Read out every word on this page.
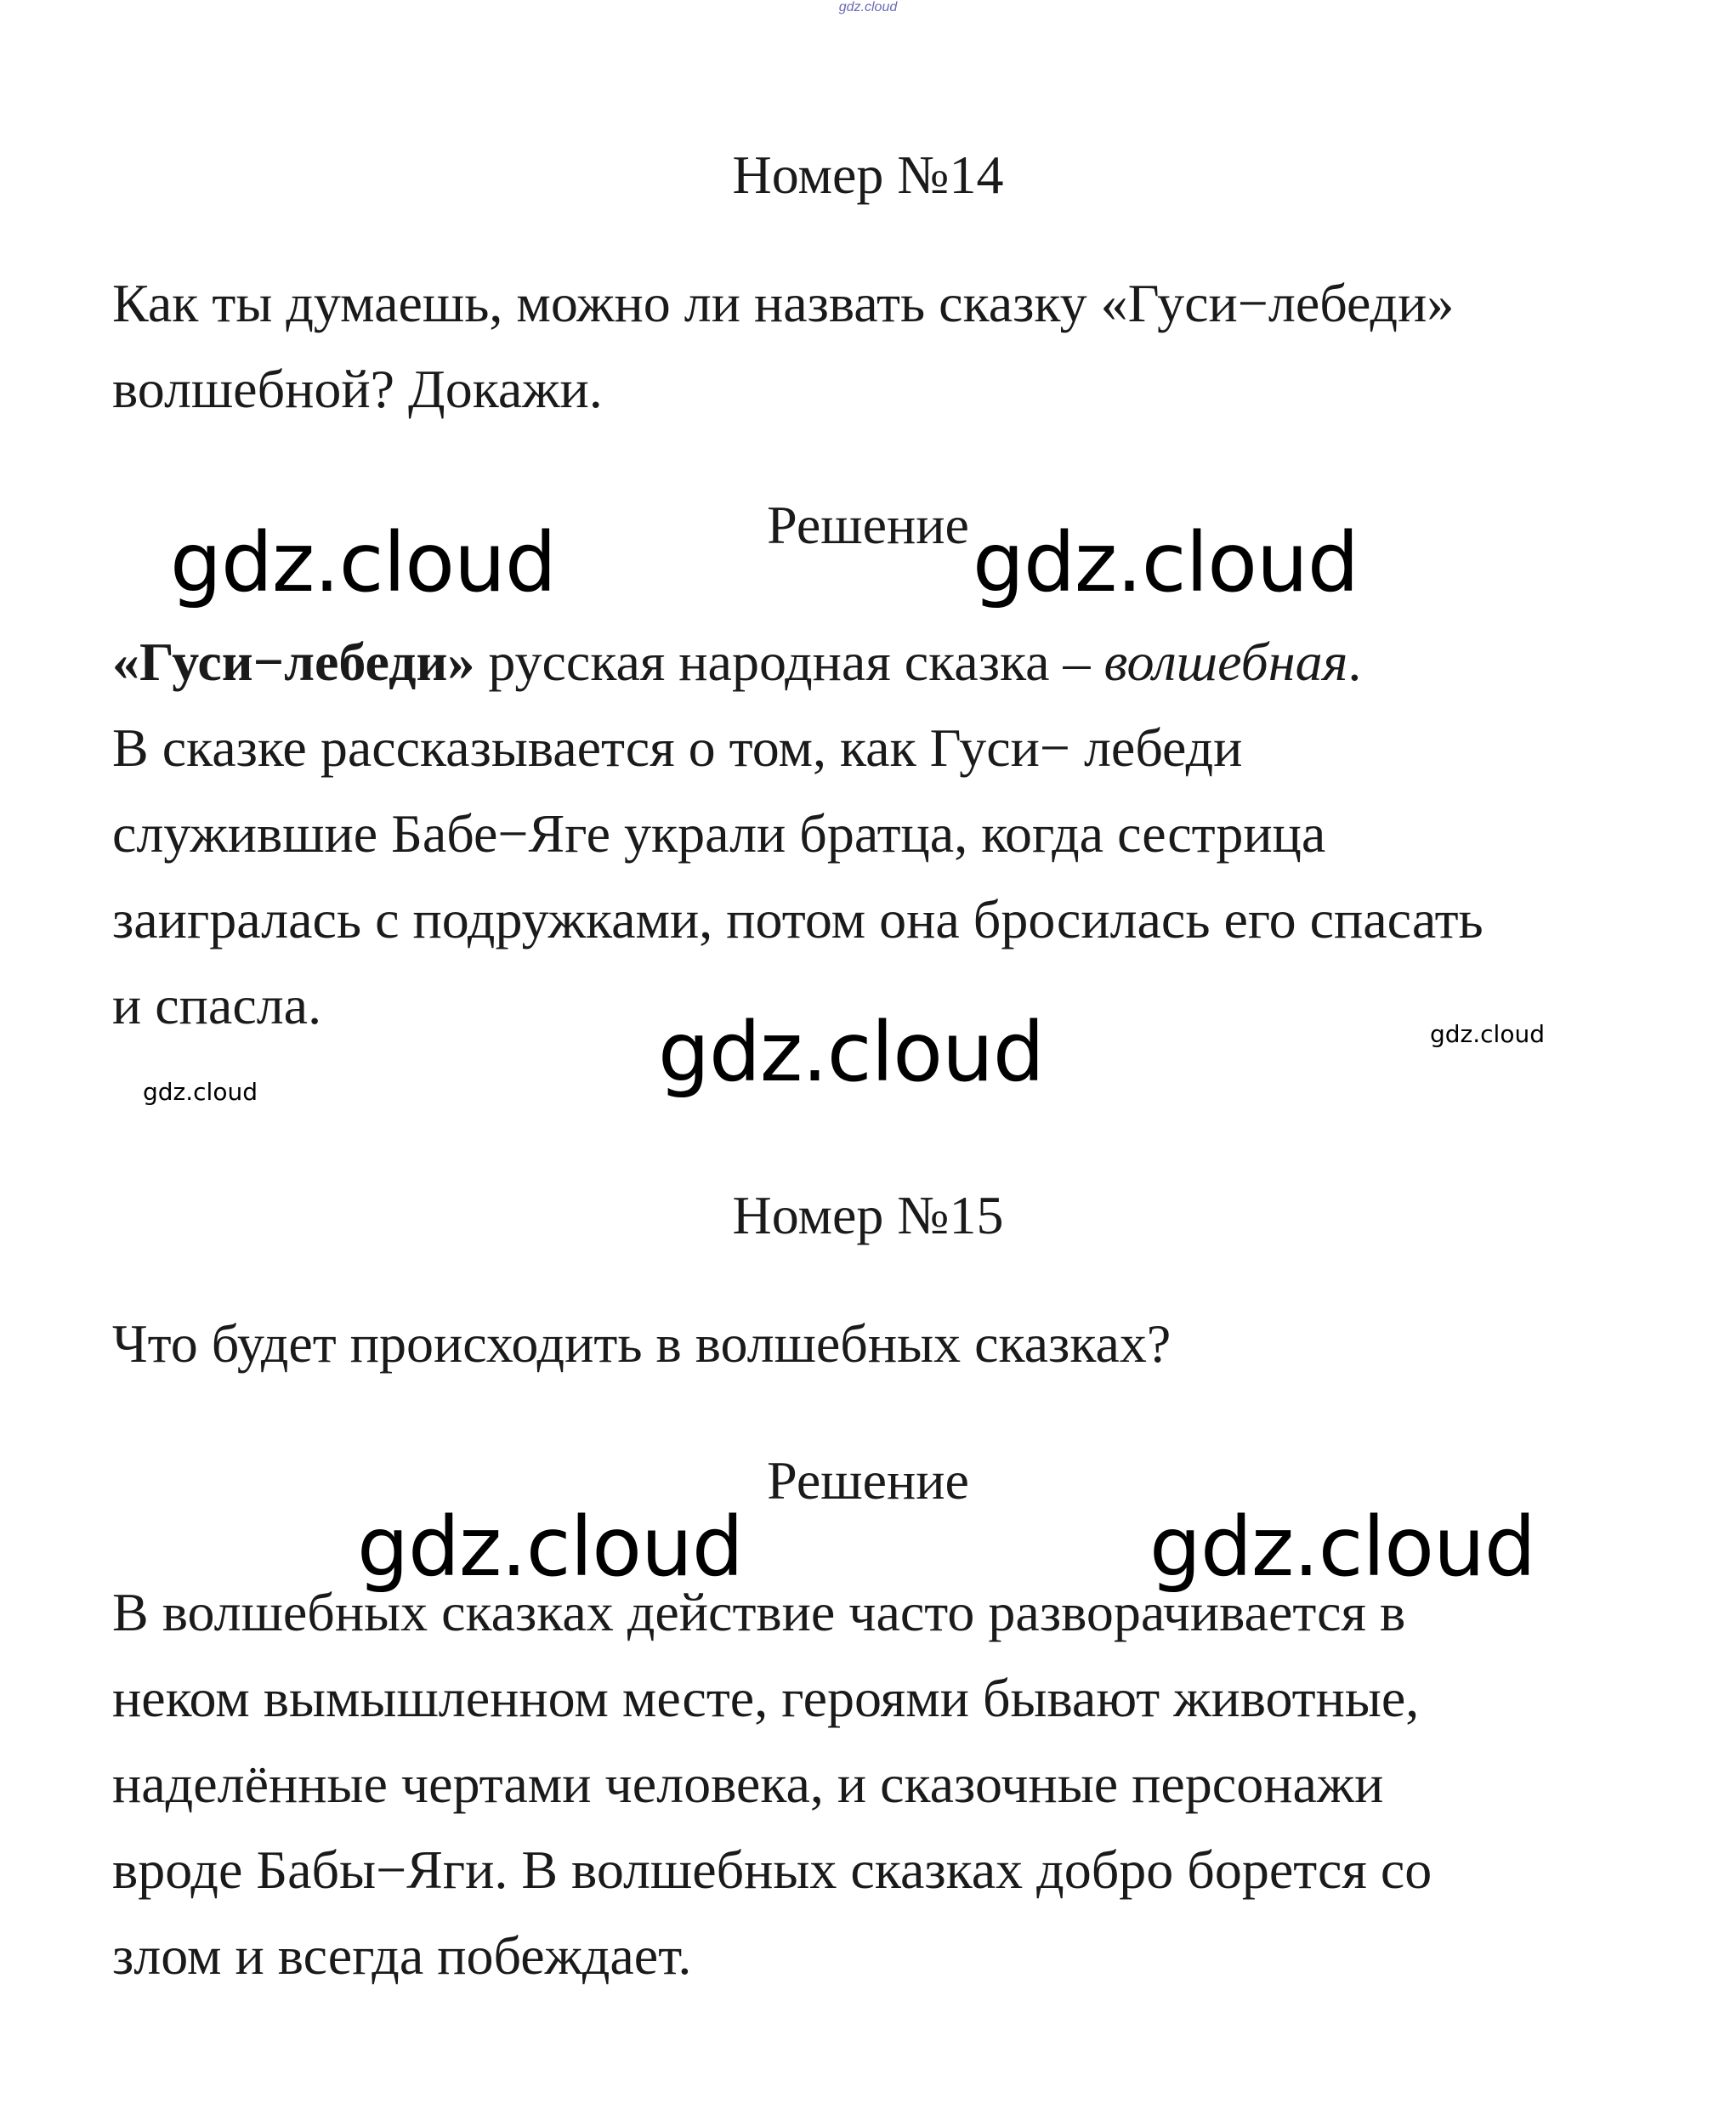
gdz.cloud
Номер №14

Как ты думаешь, можно ли назвать сказку «Гуси−лебеди»
волшебной? Докажи.

Решение

«Гуси−лебеди» русская народная сказка – волшебная.
В сказке рассказывается о том, как Гуси− лебеди
служившие Бабе−Яге украли братца, когда сестрица
заигралась с подружками, потом она бросилась его спасать
и спасла.

Номер №15

Что будет происходить в волшебных сказках?

Решение

В волшебных сказках действие часто разворачивается в
неком вымышленном месте, героями бывают животные,
наделённые чертами человека, и сказочные персонажи
вроде Бабы−Яги. В волшебных сказках добро борется со
злом и всегда побеждает.

gdz.cloud	gdz.cloud
gdz.cloud	gdz.cloud
gdz.cloud
gdz.cloud	gdz.cloud
